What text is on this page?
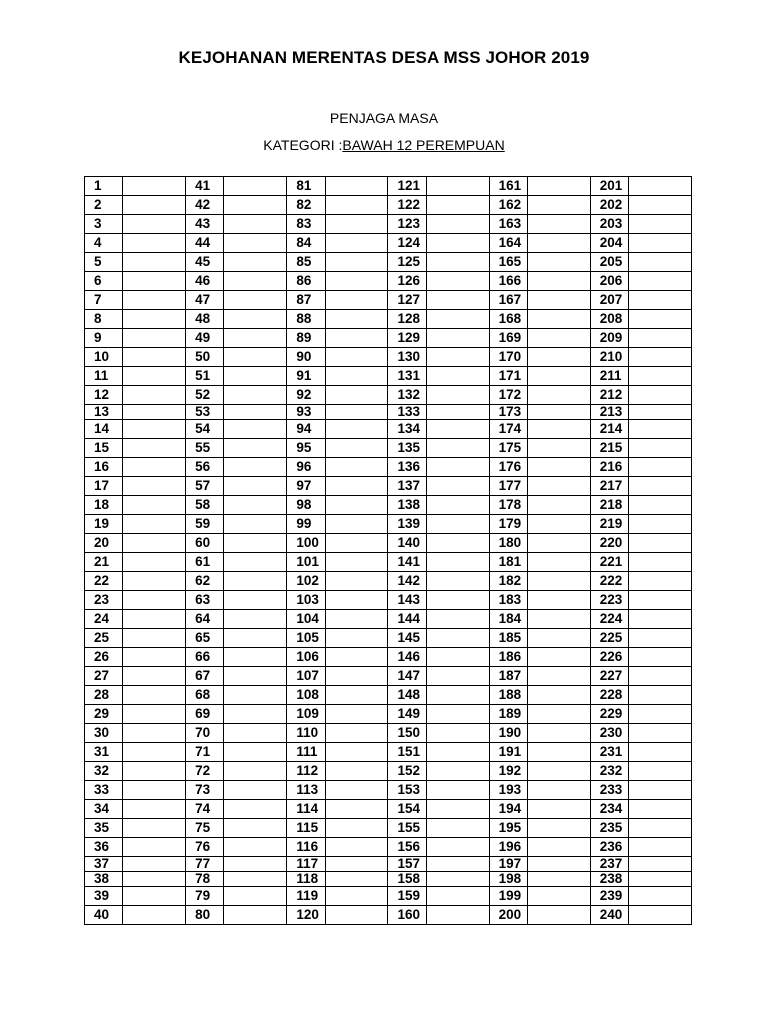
KEJOHANAN MERENTAS DESA MSS JOHOR 2019
PENJAGA MASA
KATEGORI :BAWAH 12 PEREMPUAN
1		41		81		121		161		201	
2		42		82		122		162		202	
3		43		83		123		163		203	
4		44		84		124		164		204	
5		45		85		125		165		205	
6		46		86		126		166		206	
7		47		87		127		167		207	
8		48		88		128		168		208	
9		49		89		129		169		209	
10		50		90		130		170		210	
11		51		91		131		171		211	
12		52		92		132		172		212	
13		53		93		133		173		213	
14		54		94		134		174		214	
15		55		95		135		175		215	
16		56		96		136		176		216	
17		57		97		137		177		217	
18		58		98		138		178		218	
19		59		99		139		179		219	
20		60		100		140		180		220	
21		61		101		141		181		221	
22		62		102		142		182		222	
23		63		103		143		183		223	
24		64		104		144		184		224	
25		65		105		145		185		225	
26		66		106		146		186		226	
27		67		107		147		187		227	
28		68		108		148		188		228	
29		69		109		149		189		229	
30		70		110		150		190		230	
31		71		111		151		191		231	
32		72		112		152		192		232	
33		73		113		153		193		233	
34		74		114		154		194		234	
35		75		115		155		195		235	
36		76		116		156		196		236	
37		77		117		157		197		237	
38		78		118		158		198		238	
39		79		119		159		199		239	
40		80		120		160		200		240	
